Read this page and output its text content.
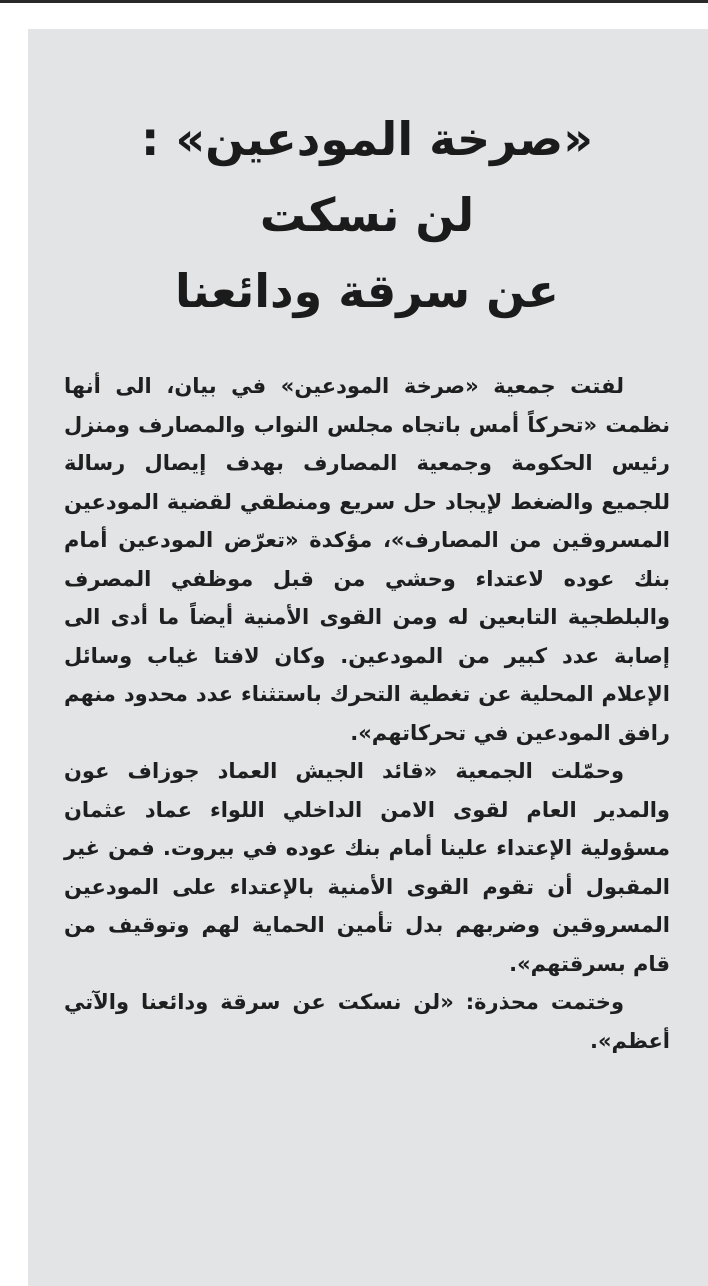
«صرخة المودعين» :
لن نسكت
عن سرقة ودائعنا

لفتت جمعية «صرخة المودعين» في بيان، الى أنها نظمت «تحركاً أمس باتجاه مجلس النواب والمصارف ومنزل رئيس الحكومة وجمعية المصارف بهدف إيصال رسالة للجميع والضغط لإيجاد حل سريع ومنطقي لقضية المودعين المسروقين من المصارف»، مؤكدة «تعرّض المودعين أمام بنك عوده لاعتداء وحشي من قبل موظفي المصرف والبلطجية التابعين له ومن القوى الأمنية أيضاً ما أدى الى إصابة عدد كبير من المودعين. وكان لافتا غياب وسائل الإعلام المحلية عن تغطية التحرك باستثناء عدد محدود منهم رافق المودعين في تحركاتهم».

وحمّلت الجمعية «قائد الجيش العماد جوزاف عون والمدير العام لقوى الامن الداخلي اللواء عماد عثمان مسؤولية الإعتداء علينا أمام بنك عوده في بيروت. فمن غير المقبول أن تقوم القوى الأمنية بالإعتداء على المودعين المسروقين وضربهم بدل تأمين الحماية لهم وتوقيف من قام بسرقتهم».

وختمت محذرة: «لن نسكت عن سرقة ودائعنا والآتي أعظم».
